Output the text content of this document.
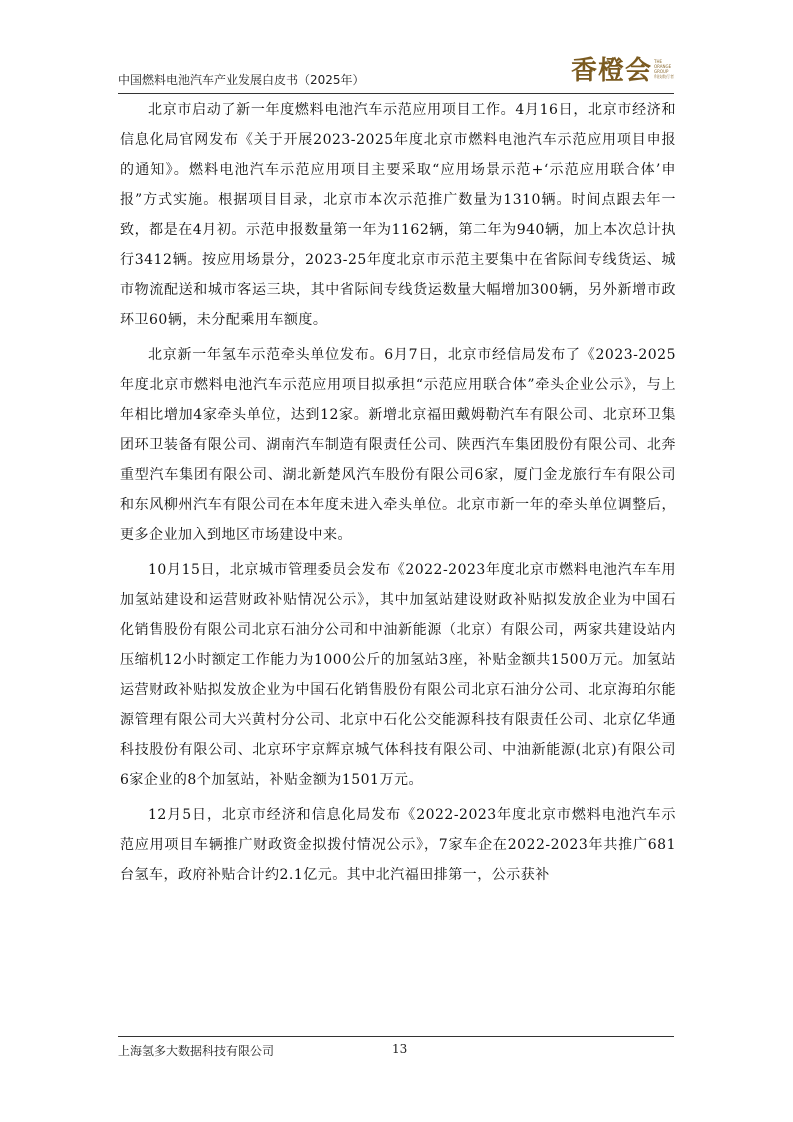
中国燃料电池汽车产业发展白皮书（2025年）	香橙会 THE
ORANGE
GROUP
科技数行者

北京市启动了新一年度燃料电池汽车示范应用项目工作。4月16日，北京市经济和信息化局官网发布《关于开展2023-2025年度北京市燃料电池汽车示范应用项目申报的通知》。燃料电池汽车示范应用项目主要采取“应用场景示范+‘示范应用联合体’申报”方式实施。根据项目目录，北京市本次示范推广数量为1310辆。时间点跟去年一致，都是在4月初。示范申报数量第一年为1162辆，第二年为940辆，加上本次总计执行3412辆。按应用场景分，2023-25年度北京市示范主要集中在省际间专线货运、城市物流配送和城市客运三块，其中省际间专线货运数量大幅增加300辆，另外新增市政环卫60辆，未分配乘用车额度。

北京新一年氢车示范牵头单位发布。6月7日，北京市经信局发布了《2023-2025年度北京市燃料电池汽车示范应用项目拟承担“示范应用联合体”牵头企业公示》，与上年相比增加4家牵头单位，达到12家。新增北京福田戴姆勒汽车有限公司、北京环卫集团环卫装备有限公司、湖南汽车制造有限责任公司、陕西汽车集团股份有限公司、北奔重型汽车集团有限公司、湖北新楚风汽车股份有限公司6家，厦门金龙旅行车有限公司和东风柳州汽车有限公司在本年度未进入牵头单位。北京市新一年的牵头单位调整后，更多企业加入到地区市场建设中来。

10月15日，北京城市管理委员会发布《2022-2023年度北京市燃料电池汽车车用加氢站建设和运营财政补贴情况公示》，其中加氢站建设财政补贴拟发放企业为中国石化销售股份有限公司北京石油分公司和中油新能源（北京）有限公司，两家共建设站内压缩机12小时额定工作能力为1000公斤的加氢站3座，补贴金额共1500万元。加氢站运营财政补贴拟发放企业为中国石化销售股份有限公司北京石油分公司、北京海珀尔能源管理有限公司大兴黄村分公司、北京中石化公交能源科技有限责任公司、北京亿华通科技股份有限公司、北京环宇京辉京城气体科技有限公司、中油新能源(北京)有限公司6家企业的8个加氢站，补贴金额为1501万元。

12月5日，北京市经济和信息化局发布《2022-2023年度北京市燃料电池汽车示范应用项目车辆推广财政资金拟拨付情况公示》，7家车企在2022-2023年共推广681台氢车，政府补贴合计约2.1亿元。其中北汽福田排第一，公示获补

上海氢多大数据科技有限公司	13
